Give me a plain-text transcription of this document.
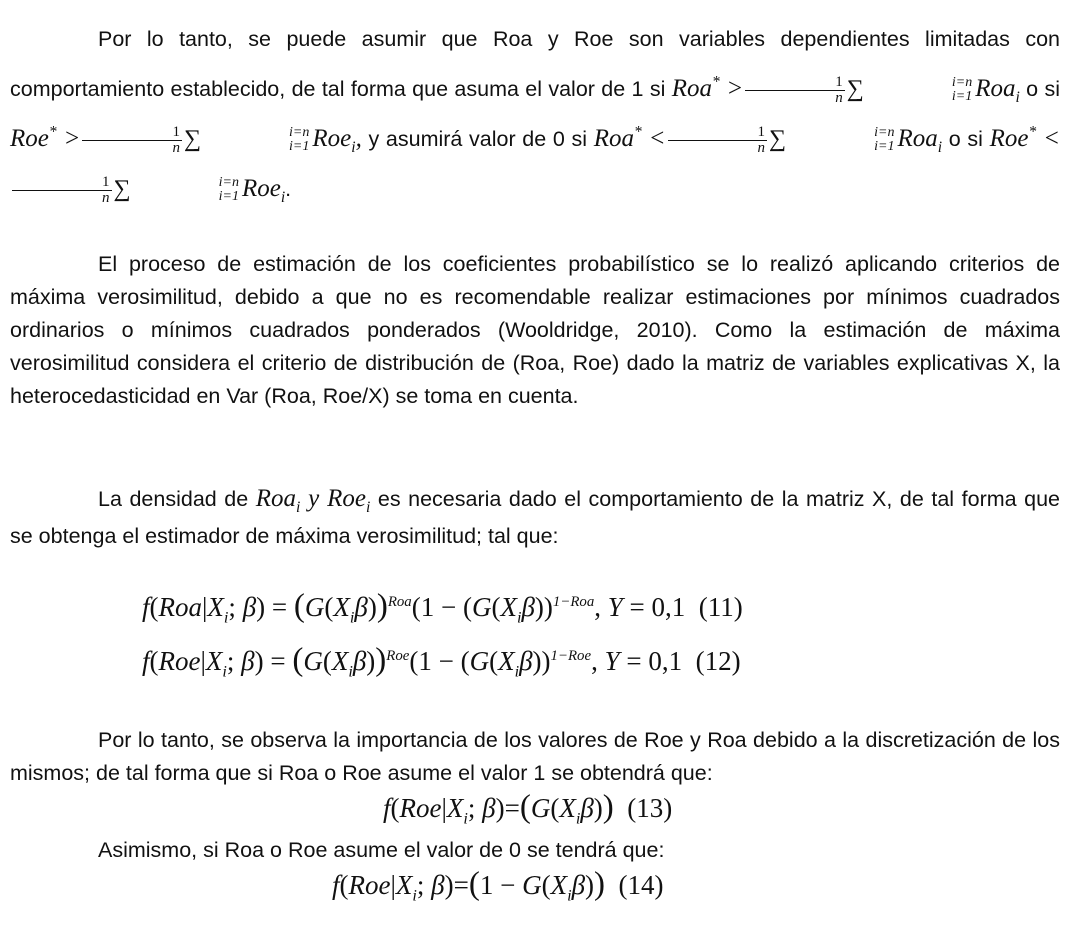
Por lo tanto, se puede asumir que Roa y Roe son variables dependientes limitadas con comportamiento establecido, de tal forma que asuma el valor de 1 si $Roa^* > \frac{1}{n}$ ∑	i=n
i=1 Roa$_i$ o si $Roe^* > \frac{1}{n}$ ∑	i=n
i=1 Roe$_i$, y asumirá valor de 0 si $Roa^* < \frac{1}{n}$ ∑	i=n
i=1 Roa$_i$ o si Roe* <
$\frac{1}{n}$ ∑	i=n
i=1 Roe$_i$.
El proceso de estimación de los coeficientes probabilístico se lo realizó aplicando criterios de máxima verosimilitud, debido a que no es recomendable realizar estimaciones por mínimos cuadrados ordinarios o mínimos cuadrados ponderados (Wooldridge, 2010). Como la estimación de máxima verosimilitud considera el criterio de distribución de (Roa, Roe) dado la matriz de variables explicativas X, la heterocedasticidad en Var (Roa, Roe/X) se toma en cuenta.
La densidad de Roa$_i$ y Roe$_i$ es necesaria dado el comportamiento de la matriz X, de tal forma que se obtenga el estimador de máxima verosimilitud; tal que:
$f(Roa|X_i$; $\beta) = (G(X_i\beta))^{Roa}(1 - (G(X_i\beta))^{1-Roa}$, Y = 0,1  (11)
$f(Roe|X_i$; $\beta) = (G(X_i\beta))^{Roe}(1 - (G(X_i\beta))^{1-Roe}$, Y = 0,1  (12)
Por lo tanto, se observa la importancia de los valores de Roe y Roa debido a la discretización de los mismos; de tal forma que si Roa o Roe asume el valor 1 se obtendrá que:
$f(Roe|X_i$; $\beta)=(G(X_i\beta))$ (13)
Asimismo, si Roa o Roe asume el valor de 0 se tendrá que:
$f(Roe|X_i$; $\beta)=(1 - G(X_i\beta))$ (14)
